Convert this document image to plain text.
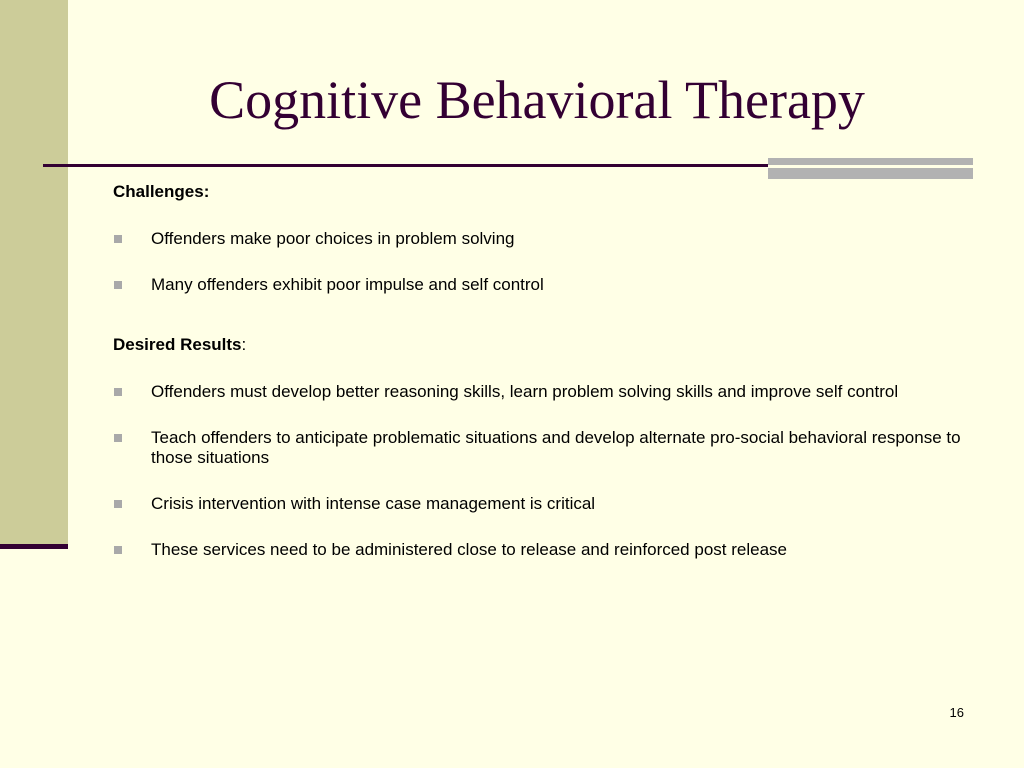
Cognitive Behavioral Therapy

Challenges:

Offenders make poor choices in problem solving
Many offenders exhibit poor impulse and self control

Desired Results:

Offenders must develop better reasoning skills, learn problem solving skills and improve self control
Teach offenders to anticipate problematic situations and develop alternate pro-social behavioral response to those situations
Crisis intervention with intense case management is critical
These services need to be administered close to release and reinforced post release
16
